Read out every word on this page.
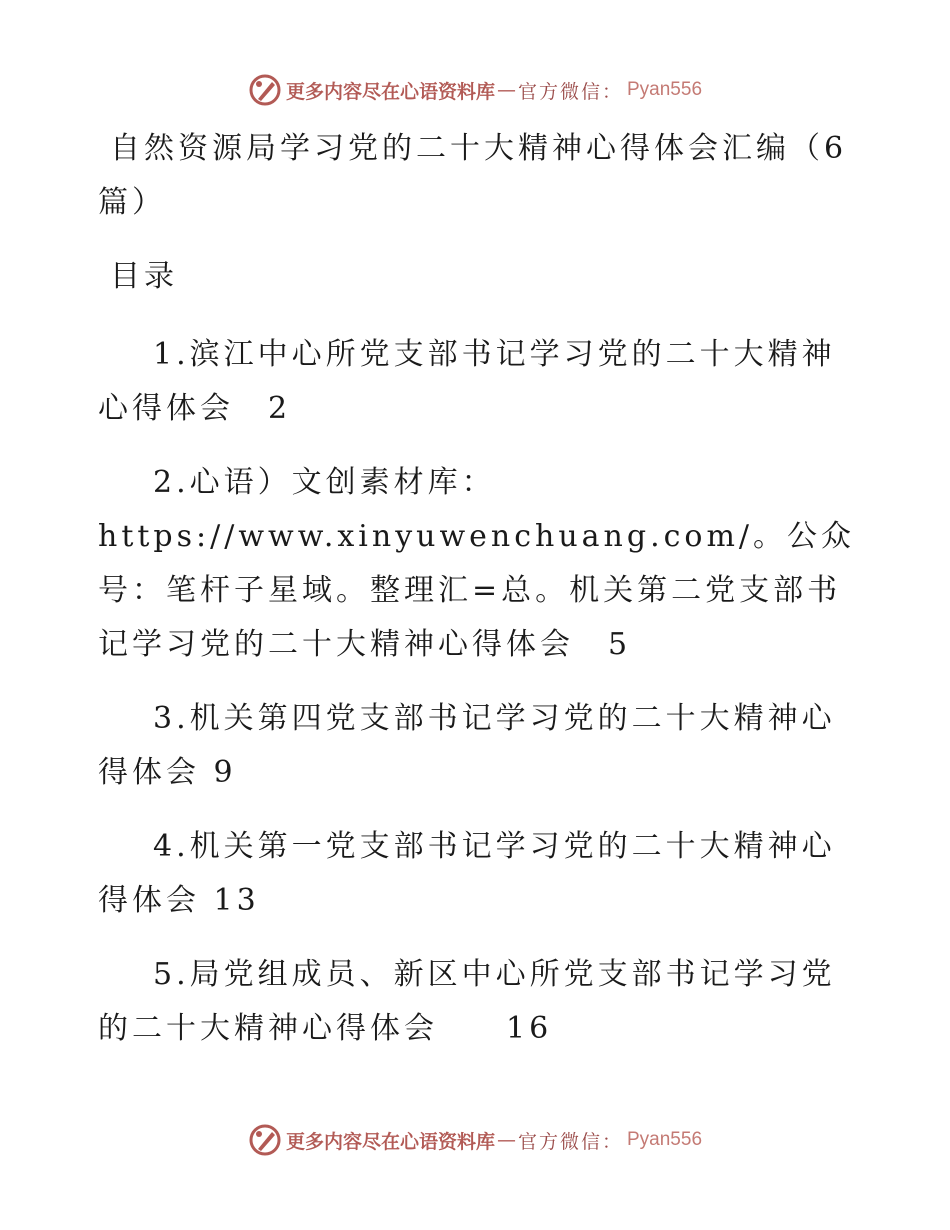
更多内容尽在心语资料库 — 官方微信： Pyan556

自然资源局学习党的二十大精神心得体会汇编（6篇）

目录

1.滨江中心所党支部书记学习党的二十大精神心得体会　2

2.心语）文创素材库：https://www.xinyuwenchuang.com/。公众号：笔杆子星域。整理汇=总。机关第二党支部书记学习党的二十大精神心得体会　5

3.机关第四党支部书记学习党的二十大精神心得体会 9

4.机关第一党支部书记学习党的二十大精神心得体会 13

5.局党组成员、新区中心所党支部书记学习党的二十大精神心得体会　　16

更多内容尽在心语资料库 — 官方微信： Pyan556
